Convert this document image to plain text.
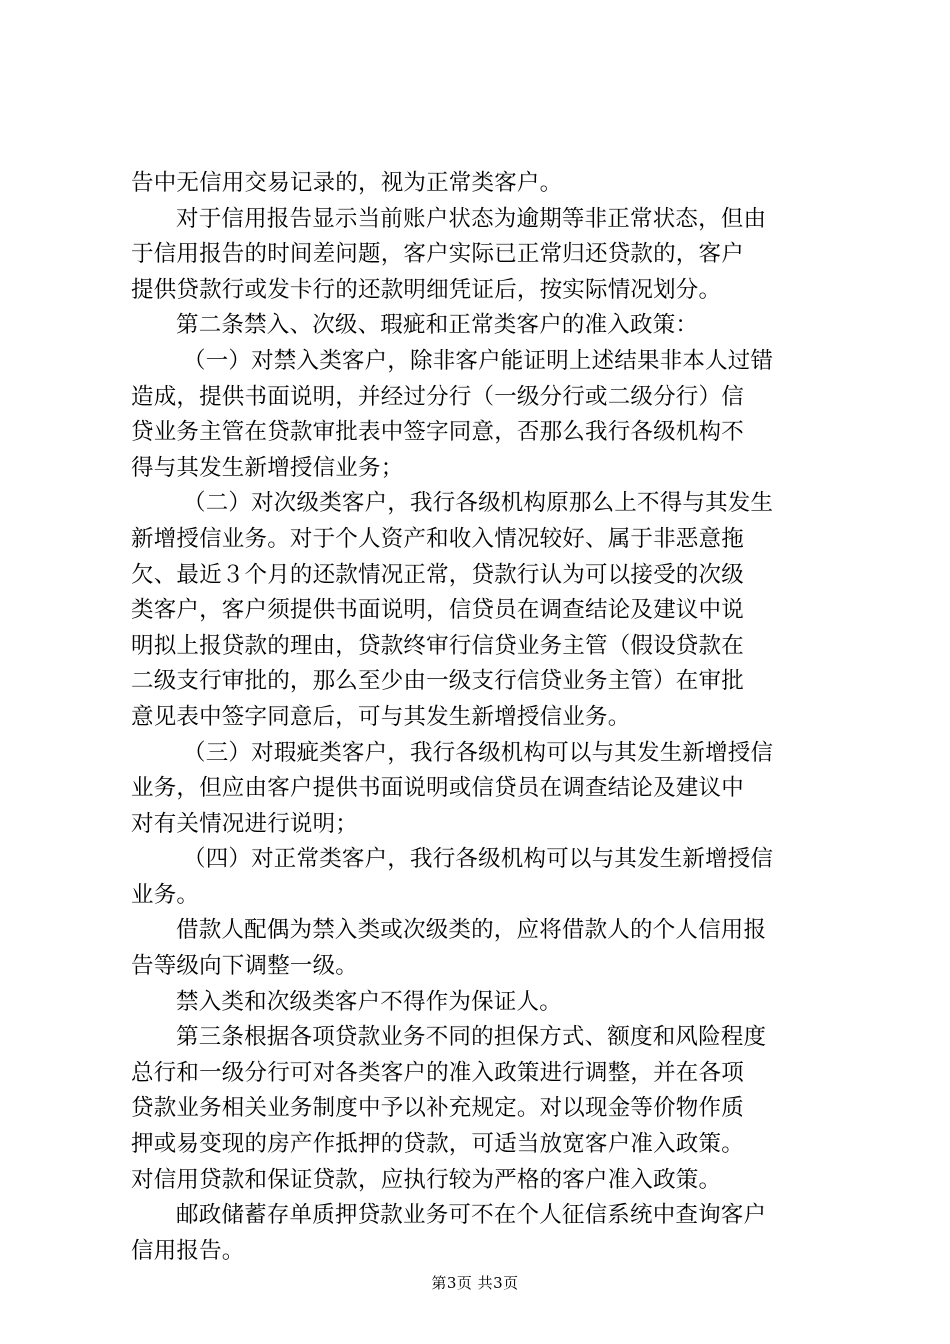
告中无信用交易记录的，视为正常类客户。
对于信用报告显示当前账户状态为逾期等非正常状态，但由
于信用报告的时间差问题，客户实际已正常归还贷款的，客户
提供贷款行或发卡行的还款明细凭证后，按实际情况划分。
第二条禁入、次级、瑕疵和正常类客户的准入政策：
（一）对禁入类客户，除非客户能证明上述结果非本人过错
造成，提供书面说明，并经过分行（一级分行或二级分行）信
贷业务主管在贷款审批表中签字同意，否那么我行各级机构不
得与其发生新增授信业务；
（二）对次级类客户，我行各级机构原那么上不得与其发生
新增授信业务。对于个人资产和收入情况较好、属于非恶意拖
欠、最近３个月的还款情况正常，贷款行认为可以接受的次级
类客户，客户须提供书面说明，信贷员在调查结论及建议中说
明拟上报贷款的理由，贷款终审行信贷业务主管（假设贷款在
二级支行审批的，那么至少由一级支行信贷业务主管）在审批
意见表中签字同意后，可与其发生新增授信业务。
（三）对瑕疵类客户，我行各级机构可以与其发生新增授信
业务，但应由客户提供书面说明或信贷员在调查结论及建议中
对有关情况进行说明；
（四）对正常类客户，我行各级机构可以与其发生新增授信
业务。
借款人配偶为禁入类或次级类的，应将借款人的个人信用报
告等级向下调整一级。
禁入类和次级类客户不得作为保证人。
第三条根据各项贷款业务不同的担保方式、额度和风险程度
总行和一级分行可对各类客户的准入政策进行调整，并在各项
贷款业务相关业务制度中予以补充规定。对以现金等价物作质
押或易变现的房产作抵押的贷款，可适当放宽客户准入政策。
对信用贷款和保证贷款，应执行较为严格的客户准入政策。
邮政储蓄存单质押贷款业务可不在个人征信系统中查询客户
信用报告。
第3页 共3页
